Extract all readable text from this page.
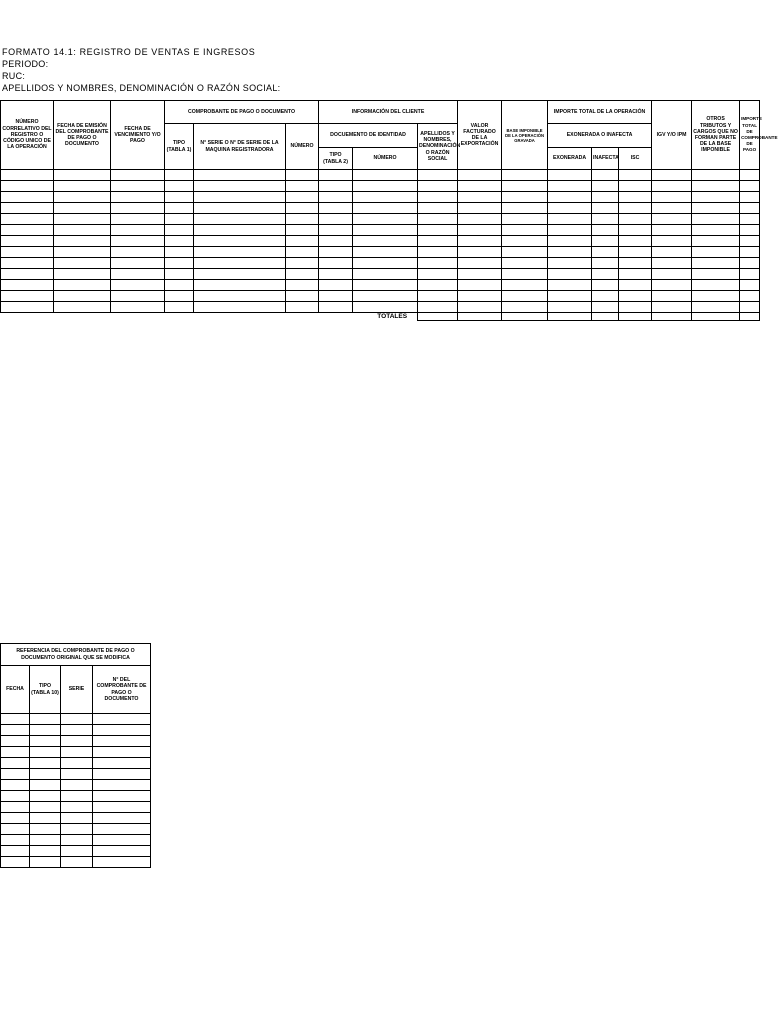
FORMATO 14.1: REGISTRO DE VENTAS E INGRESOS
PERIODO:
RUC:
APELLIDOS Y NOMBRES, DENOMINACIÓN O RAZÓN SOCIAL:
NÚMERO CORRELATIVO DEL REGISTRO O CÓDIGO UNICO DE LA OPERACIÓN	FECHA DE EMISIÓN DEL COMPROBANTE DE PAGO O DOCUMENTO	FECHA DE VENCIMIENTO Y/O PAGO	COMPROBANTE DE PAGO O DOCUMENTO			INFORMACIÓN DEL CLIENTE			VALOR FACTURADO DE LA EXPORTACIÓN	BASE IMPONIBLE DE LA OPERACIÓN GRAVADA	IMPORTE TOTAL DE LA OPERACIÓN			IGV Y/O IPM	OTROS TRIBUTOS Y CARGOS QUE NO FORMAN PARTE DE LA BASE IMPONIBLE	IMPORTE TOTAL DE COMPROBANTE DE PAGO	
			TIPO (TABLA 1)	N° SERIE O N° DE SERIE DE LA MAQUINA REGISTRADORA	NÚMERO	DOCUEMENTO DE IDENTIDAD		APELLIDOS Y NOMBRES, DENOMINACIÓN O RAZÓN SOCIAL			EXONERADA O INAFECTA						
						TIPO (TABLA 2)	NÚMERO				EXONERADA	INAFECTA	ISC				

							TOTALES										
REFERENCIA DEL COMPROBANTE DE PAGO O DOCUMENTO ORIGINAL QUE SE MODIFICA			
FECHA	TIPO (TABLA 10)	SERIE	N° DEL COMPROBANTE DE PAGO O DOCUMENTO
